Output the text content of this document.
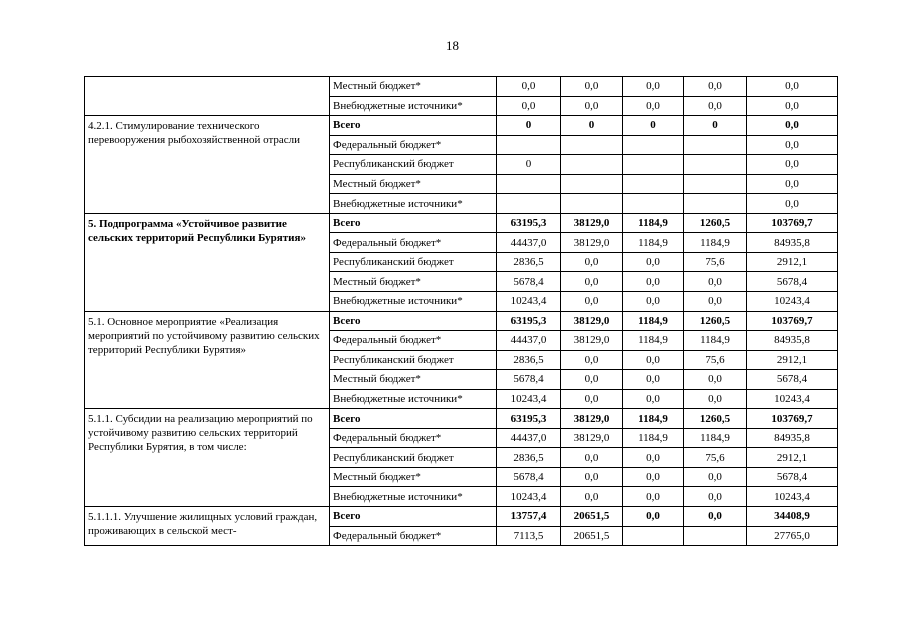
18
	Местный бюджет*	0,0	0,0	0,0	0,0	0,0
	Внебюджетные источники*	0,0	0,0	0,0	0,0	0,0
4.2.1. Стимулирование технического перевооружения рыбохозяйственной отрасли	Всего	0	0	0	0	0,0
	Федеральный бюджет*					0,0
	Республиканский бюджет	0				0,0
	Местный бюджет*					0,0
	Внебюджетные источники*					0,0
5. Подпрограмма «Устойчивое развитие сельских территорий Республики Бурятия»	Всего	63195,3	38129,0	1184,9	1260,5	103769,7
	Федеральный бюджет*	44437,0	38129,0	1184,9	1184,9	84935,8
	Республиканский бюджет	2836,5	0,0	0,0	75,6	2912,1
	Местный бюджет*	5678,4	0,0	0,0	0,0	5678,4
	Внебюджетные источники*	10243,4	0,0	0,0	0,0	10243,4
5.1. Основное мероприятие «Реализация мероприятий по устойчивому развитию сельских территорий Республики Бурятия»	Всего	63195,3	38129,0	1184,9	1260,5	103769,7
	Федеральный бюджет*	44437,0	38129,0	1184,9	1184,9	84935,8
	Республиканский бюджет	2836,5	0,0	0,0	75,6	2912,1
	Местный бюджет*	5678,4	0,0	0,0	0,0	5678,4
	Внебюджетные источники*	10243,4	0,0	0,0	0,0	10243,4
5.1.1. Субсидии на реализацию мероприятий по устойчивому развитию сельских территорий Республики Бурятия, в том числе:	Всего	63195,3	38129,0	1184,9	1260,5	103769,7
	Федеральный бюджет*	44437,0	38129,0	1184,9	1184,9	84935,8
	Республиканский бюджет	2836,5	0,0	0,0	75,6	2912,1
	Местный бюджет*	5678,4	0,0	0,0	0,0	5678,4
	Внебюджетные источники*	10243,4	0,0	0,0	0,0	10243,4
5.1.1.1. Улучшение жилищных условий граждан, проживающих в сельской мест-	Всего	13757,4	20651,5	0,0	0,0	34408,9
	Федеральный бюджет*	7113,5	20651,5			27765,0
